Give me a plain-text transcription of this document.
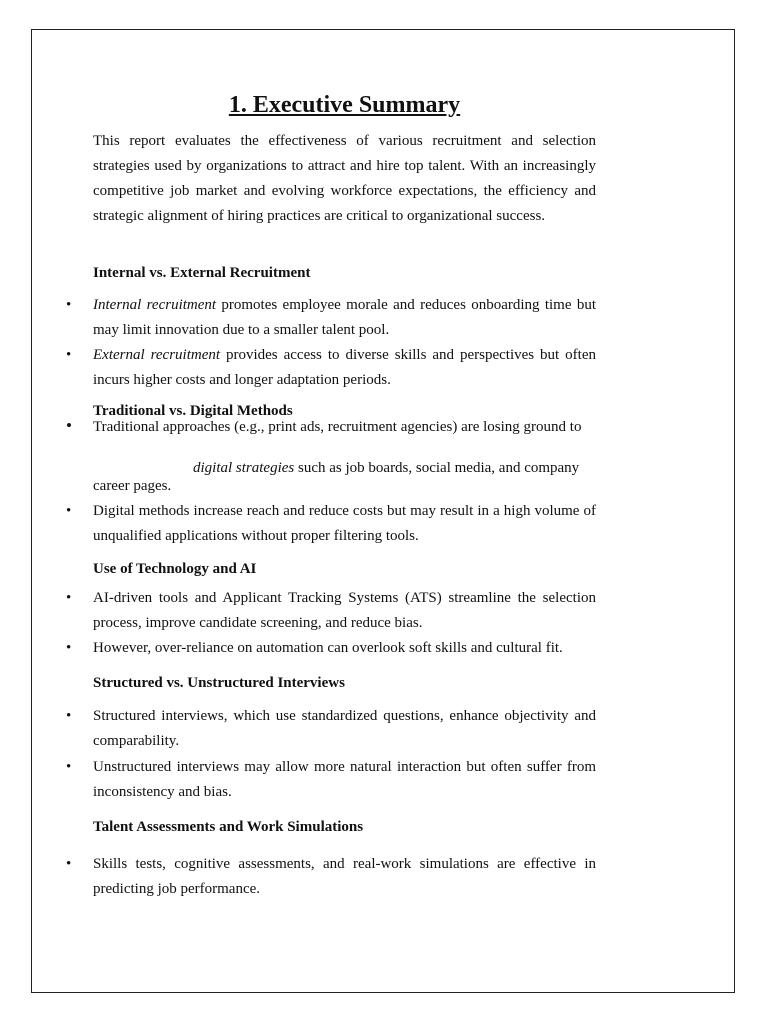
1. Executive Summary
This report evaluates the effectiveness of various recruitment and selection strategies used by organizations to attract and hire top talent. With an increasingly competitive job market and evolving workforce expectations, the efficiency and strategic alignment of hiring practices are critical to organizational success.
Internal vs. External Recruitment
• Internal recruitment promotes employee morale and reduces onboarding time but may limit innovation due to a smaller talent pool.
• External recruitment provides access to diverse skills and perspectives but often incurs higher costs and longer adaptation periods.
Traditional vs. Digital Methods
• Traditional approaches (e.g., print ads, recruitment agencies) are losing ground to
digital strategies such as job boards, social media, and company
career pages.
• Digital methods increase reach and reduce costs but may result in a high volume of unqualified applications without proper filtering tools.
Use of Technology and AI
• AI-driven tools and Applicant Tracking Systems (ATS) streamline the selection process, improve candidate screening, and reduce bias.
• However, over-reliance on automation can overlook soft skills and cultural fit.
Structured vs. Unstructured Interviews
• Structured interviews, which use standardized questions, enhance objectivity and comparability.
• Unstructured interviews may allow more natural interaction but often suffer from inconsistency and bias.
Talent Assessments and Work Simulations
• Skills tests, cognitive assessments, and real-work simulations are effective in predicting job performance.
